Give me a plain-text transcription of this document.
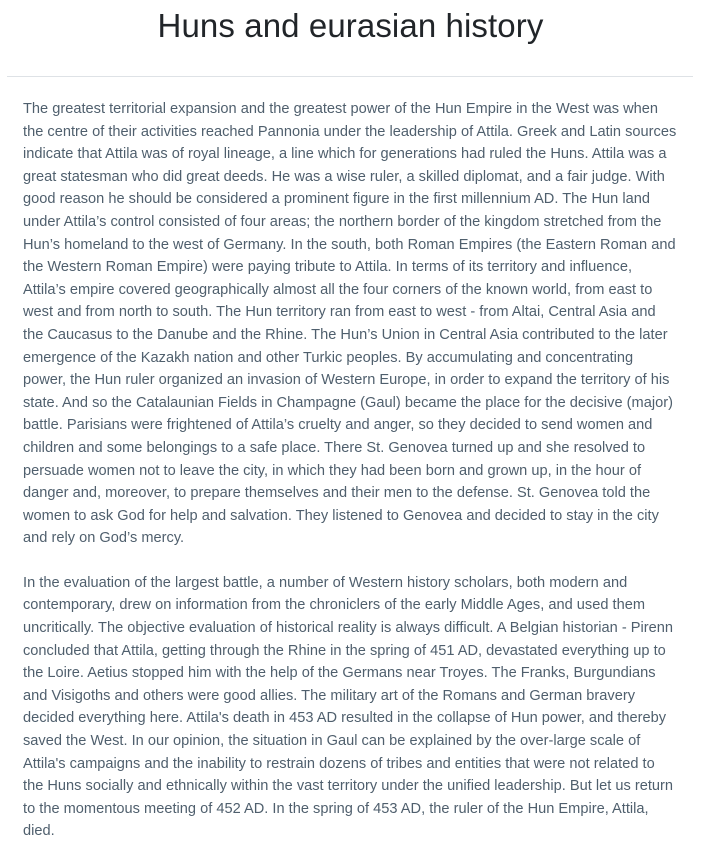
Huns and eurasian history

The greatest territorial expansion and the greatest power of the Hun Empire in the West was when the centre of their activities reached Pannonia under the leadership of Attila. Greek and Latin sources indicate that Attila was of royal lineage, a line which for generations had ruled the Huns. Attila was a great statesman who did great deeds. He was a wise ruler, a skilled diplomat, and a fair judge. With good reason he should be considered a prominent figure in the first millennium AD. The Hun land under Attila’s control consisted of four areas; the northern border of the kingdom stretched from the Hun’s homeland to the west of Germany. In the south, both Roman Empires (the Eastern Roman and the Western Roman Empire) were paying tribute to Attila. In terms of its territory and influence, Attila’s empire covered geographically almost all the four corners of the known world, from east to west and from north to south. The Hun territory ran from east to west - from Altai, Central Asia and the Caucasus to the Danube and the Rhine. The Hun’s Union in Central Asia contributed to the later emergence of the Kazakh nation and other Turkic peoples. By accumulating and concentrating power, the Hun ruler organized an invasion of Western Europe, in order to expand the territory of his state. And so the Catalaunian Fields in Champagne (Gaul) became the place for the decisive (major) battle. Parisians were frightened of Attila’s cruelty and anger, so they decided to send women and children and some belongings to a safe place. There St. Genovea turned up and she resolved to persuade women not to leave the city, in which they had been born and grown up, in the hour of danger and, moreover, to prepare themselves and their men to the defense. St. Genovea told the women to ask God for help and salvation. They listened to Genovea and decided to stay in the city and rely on God’s mercy.

In the evaluation of the largest battle, a number of Western history scholars, both modern and contemporary, drew on information from the chroniclers of the early Middle Ages, and used them uncritically. The objective evaluation of historical reality is always difficult. A Belgian historian - Pirenn concluded that Attila, getting through the Rhine in the spring of 451 AD, devastated everything up to the Loire. Aetius stopped him with the help of the Germans near Troyes. The Franks, Burgundians and Visigoths and others were good allies. The military art of the Romans and German bravery decided everything here. Attila's death in 453 AD resulted in the collapse of Hun power, and thereby saved the West. In our opinion, the situation in Gaul can be explained by the over-large scale of Attila's campaigns and the inability to restrain dozens of tribes and entities that were not related to the Huns socially and ethnically within the vast territory under the unified leadership. But let us return to the momentous meeting of 452 AD. In the spring of 453 AD, the ruler of the Hun Empire, Attila, died.
